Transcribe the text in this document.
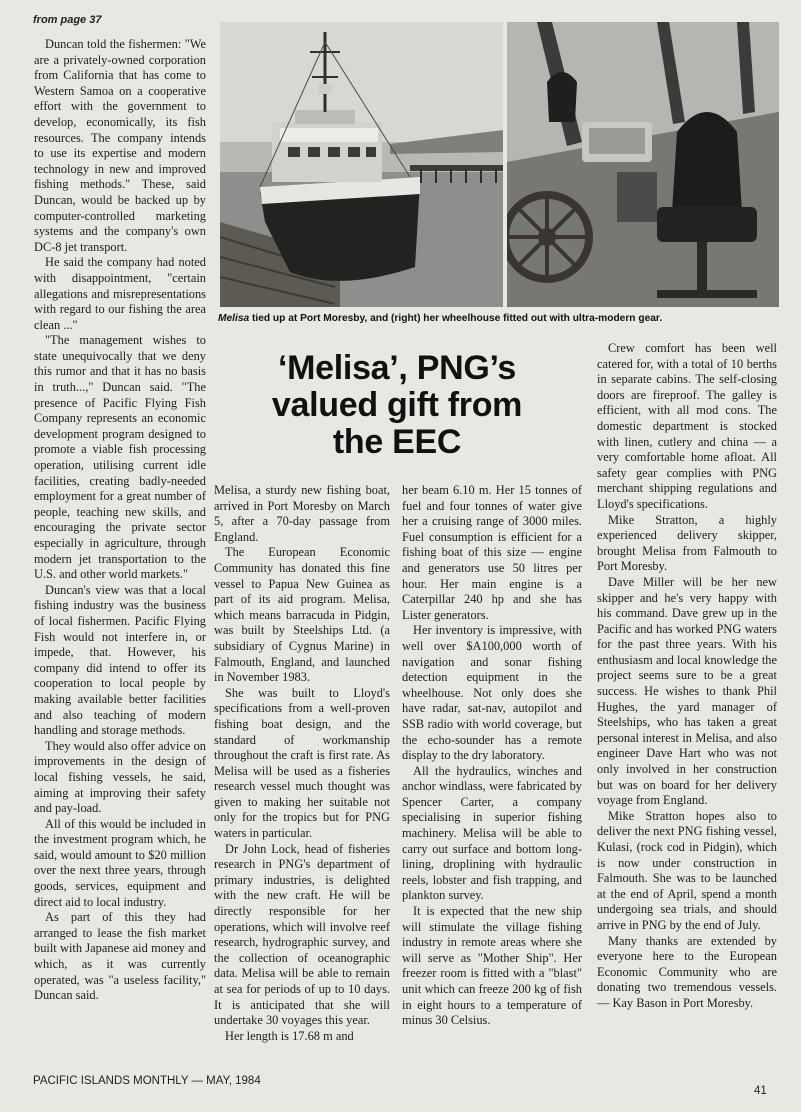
from page 37

Duncan told the fishermen: "We are a privately-owned corporation from California that has come to Western Samoa on a cooperative effort with the government to develop, economically, its fish resources. The company intends to use its expertise and modern technology in new and improved fishing methods." These, said Duncan, would be backed up by computer-controlled marketing systems and the company's own DC-8 jet transport.

He said the company had noted with disappointment, "certain allegations and misrepresentations with regard to our fishing the area clean ..."

"The management wishes to state unequivocally that we deny this rumor and that it has no basis in truth...," Duncan said. "The presence of Pacific Flying Fish Company represents an economic development program designed to promote a viable fish processing operation, utilising current idle facilities, creating badly-needed employment for a great number of people, teaching new skills, and encouraging the private sector especially in agriculture, through modern jet transportation to the U.S. and other world markets."

Duncan's view was that a local fishing industry was the business of local fishermen. Pacific Flying Fish would not interfere in, or impede, that. However, his company did intend to offer its cooperation to local people by making available better facilities and also teaching of modern handling and storage methods.

They would also offer advice on improvements in the design of local fishing vessels, he said, aiming at improving their safety and pay-load.

All of this would be included in the investment program which, he said, would amount to $20 million over the next three years, through goods, services, equipment and direct aid to local industry.

As part of this they had arranged to lease the fish market built with Japanese aid money and which, as it was currently operated, was "a useless facility," Duncan said.

Melisa tied up at Port Moresby, and (right) her wheelhouse fitted out with ultra-modern gear.
‘Melisa’, PNG’s
valued gift from
the EEC

Melisa, a sturdy new fishing boat, arrived in Port Moresby on March 5, after a 70-day passage from England.

The European Economic Community has donated this fine vessel to Papua New Guinea as part of its aid program. Melisa, which means barracuda in Pidgin, was built by Steelships Ltd. (a subsidiary of Cygnus Marine) in Falmouth, England, and launched in November 1983.

She was built to Lloyd's specifications from a well-proven fishing boat design, and the standard of workmanship throughout the craft is first rate. As Melisa will be used as a fisheries research vessel much thought was given to making her suitable not only for the tropics but for PNG waters in particular.

Dr John Lock, head of fisheries research in PNG's department of primary industries, is delighted with the new craft. He will be directly responsible for her operations, which will involve reef research, hydrographic survey, and the collection of oceanographic data. Melisa will be able to remain at sea for periods of up to 10 days. It is anticipated that she will undertake 30 voyages this year.

Her length is 17.68 m and

her beam 6.10 m. Her 15 tonnes of fuel and four tonnes of water give her a cruising range of 3000 miles. Fuel consumption is efficient for a fishing boat of this size — engine and generators use 50 litres per hour. Her main engine is a Caterpillar 240 hp and she has Lister generators.

Her inventory is impressive, with well over $A100,000 worth of navigation and sonar fishing detection equipment in the wheelhouse. Not only does she have radar, sat-nav, autopilot and SSB radio with world coverage, but the echo-sounder has a remote display to the dry laboratory.

All the hydraulics, winches and anchor windlass, were fabricated by Spencer Carter, a company specialising in superior fishing machinery. Melisa will be able to carry out surface and bottom long-lining, droplining with hydraulic reels, lobster and fish trapping, and plankton survey.

It is expected that the new ship will stimulate the village fishing industry in remote areas where she will serve as "Mother Ship". Her freezer room is fitted with a "blast" unit which can freeze 200 kg of fish in eight hours to a temperature of minus 30 Celsius.

Crew comfort has been well catered for, with a total of 10 berths in separate cabins. The self-closing doors are fireproof. The galley is efficient, with all mod cons. The domestic department is stocked with linen, cutlery and china — a very comfortable home afloat. All safety gear complies with PNG merchant shipping regulations and Lloyd's specifications.

Mike Stratton, a highly experienced delivery skipper, brought Melisa from Falmouth to Port Moresby.

Dave Miller will be her new skipper and he's very happy with his command. Dave grew up in the Pacific and has worked PNG waters for the past three years. With his enthusiasm and local knowledge the project seems sure to be a great success. He wishes to thank Phil Hughes, the yard manager of Steelships, who has taken a great personal interest in Melisa, and also engineer Dave Hart who was not only involved in her construction but was on board for her delivery voyage from England.

Mike Stratton hopes also to deliver the next PNG fishing vessel, Kulasi, (rock cod in Pidgin), which is now under construction in Falmouth. She was to be launched at the end of April, spend a month undergoing sea trials, and should arrive in PNG by the end of July.

Many thanks are extended by everyone here to the European Economic Community who are donating two tremendous vessels. — Kay Bason in Port Moresby.

PACIFIC ISLANDS MONTHLY — MAY, 1984
41
